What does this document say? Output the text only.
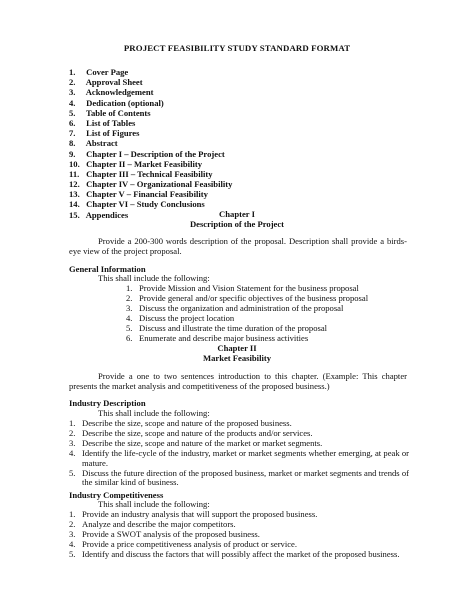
PROJECT FEASIBILITY STUDY STANDARD FORMAT
1. Cover Page
2. Approval Sheet
3. Acknowledgement
4. Dedication (optional)
5. Table of Contents
6. List of Tables
7. List of Figures
8. Abstract
9. Chapter I – Description of the Project
10. Chapter II – Market Feasibility
11. Chapter III – Technical Feasibility
12. Chapter IV – Organizational Feasibility
13. Chapter V – Financial Feasibility
14. Chapter VI – Study Conclusions
15. Appendices	Chapter I
Description of the Project
Provide a 200-300 words description of the proposal. Description shall provide a birds-eye view of the project proposal.
General Information
This shall include the following:
1. Provide Mission and Vision Statement for the business proposal
2. Provide general and/or specific objectives of the business proposal
3. Discuss the organization and administration of the proposal
4. Discuss the project location
5. Discuss and illustrate the time duration of the proposal
6. Enumerate and describe major business activities
Chapter II
Market Feasibility
Provide a one to two sentences introduction to this chapter. (Example: This chapter presents the market analysis and competitiveness of the proposed business.)
Industry Description
This shall include the following:
1. Describe the size, scope and nature of the proposed business.
2. Describe the size, scope and nature of the products and/or services.
3. Describe the size, scope and nature of the market or market segments.
4. Identify the life-cycle of the industry, market or market segments whether emerging, at peak or mature.
5. Discuss the future direction of the proposed business, market or market segments and trends of the similar kind of business.
Industry Competitiveness
This shall include the following:
1. Provide an industry analysis that will support the proposed business.
2. Analyze and describe the major competitors.
3. Provide a SWOT analysis of the proposed business.
4. Provide a price competitiveness analysis of product or service.
5. Identify and discuss the factors that will possibly affect the market of the proposed business.
